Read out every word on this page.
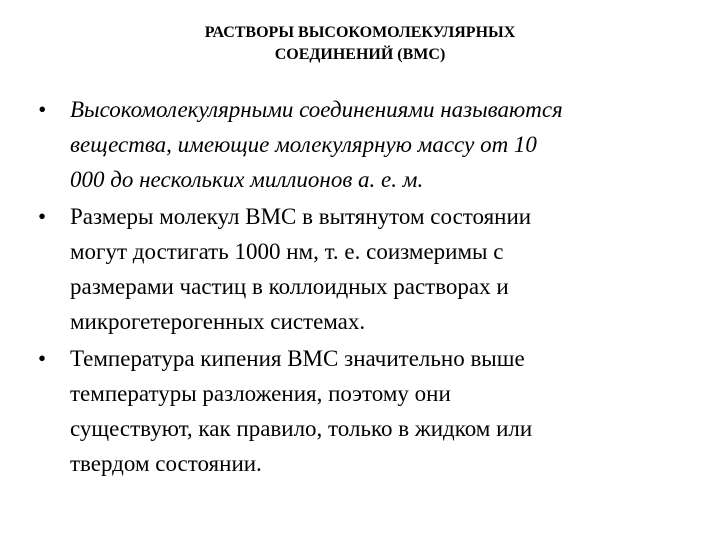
РАСТВОРЫ ВЫСОКОМОЛЕКУЛЯРНЫХ
СОЕДИНЕНИЙ (ВМС)
• Высокомолекулярными соединениями называются
вещества, имеющие молекулярную массу от 10
000 до нескольких миллионов а. е. м.
• Размеры молекул ВМС в вытянутом состоянии
могут достигать 1000 нм, т. е. соизмеримы с
размерами частиц в коллоидных растворах и
микрогетерогенных системах.
• Температура кипения ВМС значительно выше
температуры разложения, поэтому они
существуют, как правило, только в жидком или
твердом состоянии.
